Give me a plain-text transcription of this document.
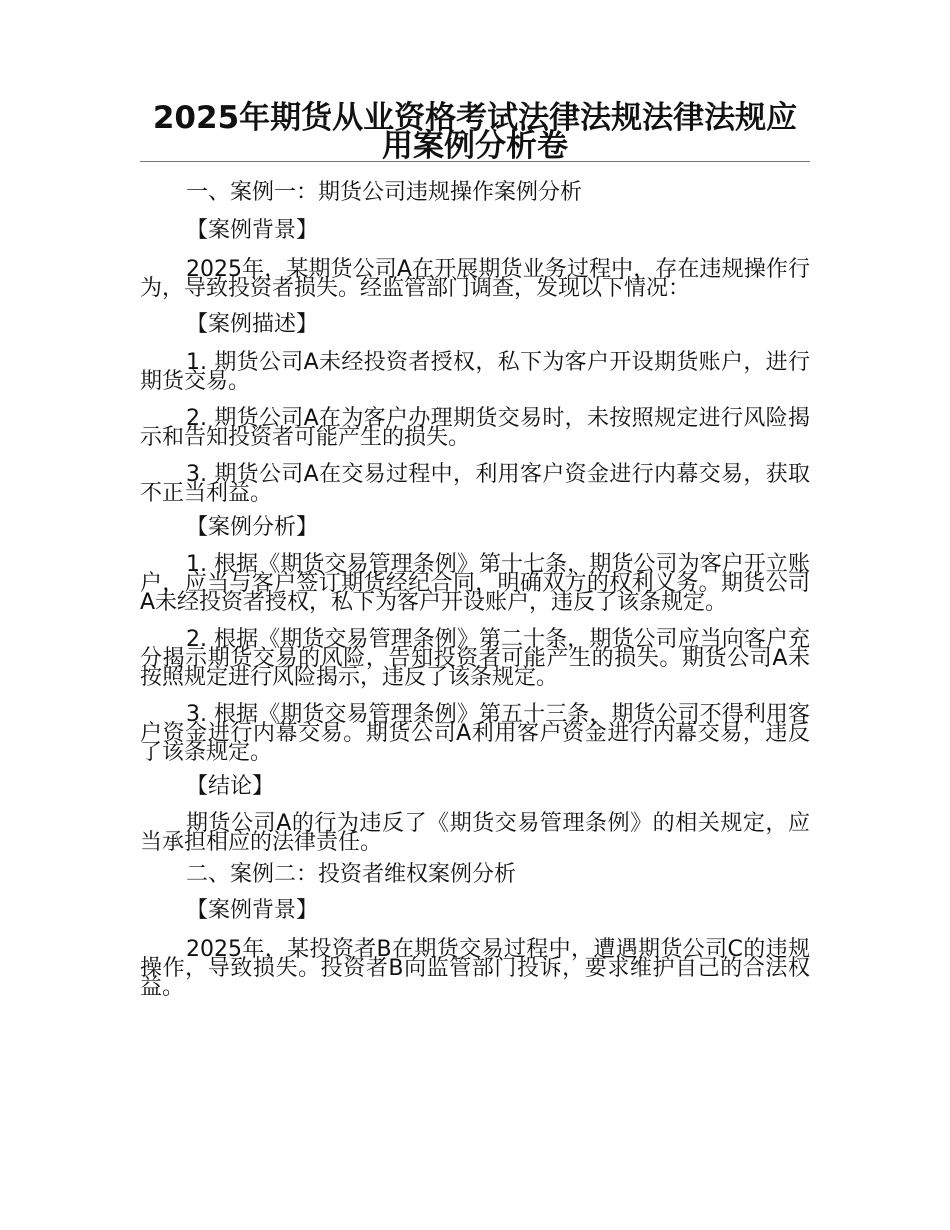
2025年期货从业资格考试法律法规法律法规应用案例分析卷

一、案例一：期货公司违规操作案例分析

【案例背景】

2025年，某期货公司A在开展期货业务过程中，存在违规操作行为，导致投资者损失。经监管部门调查，发现以下情况：

【案例描述】

1. 期货公司A未经投资者授权，私下为客户开设期货账户，进行期货交易。

2. 期货公司A在为客户办理期货交易时，未按照规定进行风险揭示和告知投资者可能产生的损失。

3. 期货公司A在交易过程中，利用客户资金进行内幕交易，获取不正当利益。

【案例分析】

1. 根据《期货交易管理条例》第十七条，期货公司为客户开立账户，应当与客户签订期货经纪合同，明确双方的权利义务。期货公司A未经投资者授权，私下为客户开设账户，违反了该条规定。

2. 根据《期货交易管理条例》第二十条，期货公司应当向客户充分揭示期货交易的风险，告知投资者可能产生的损失。期货公司A未按照规定进行风险揭示，违反了该条规定。

3. 根据《期货交易管理条例》第五十三条，期货公司不得利用客户资金进行内幕交易。期货公司A利用客户资金进行内幕交易，违反了该条规定。

【结论】

期货公司A的行为违反了《期货交易管理条例》的相关规定，应当承担相应的法律责任。

二、案例二：投资者维权案例分析

【案例背景】

2025年，某投资者B在期货交易过程中，遭遇期货公司C的违规操作，导致损失。投资者B向监管部门投诉，要求维护自己的合法权益。
